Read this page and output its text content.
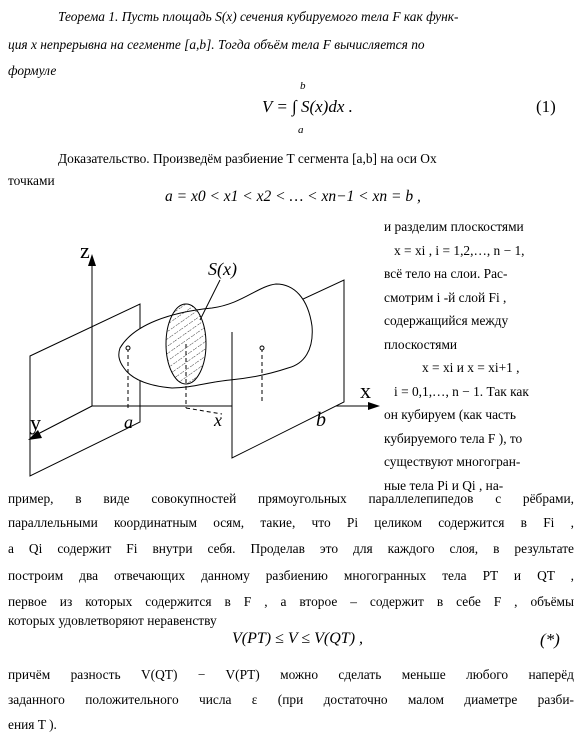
Теорема 1. Пусть площадь S(x) сечения кубируемого тела F как функ-
ция x непрерывна на сегменте [a,b]. Тогда объём тела F вычисляется по
формуле
V = ∫ S(x)dx .
b
a
(1)
Доказательство. Произведём разбиение T сегмента [a,b] на оси Ox
точками
a = x0 < x1 < x2 < … < xn−1 < xn = b ,
и разделим плоскостями
x = xi , i = 1,2,…, n − 1,
всё тело на слои. Рас-
смотрим i -й слой Fi ,
содержащийся между
плоскостями
x = xi и x = xi+1 ,
i = 0,1,…, n − 1. Так как
он кубируем (как часть
кубируемого тела F ), то
существуют многогран-
ные тела Pi и Qi , на-
z
x
y
S(x)
a	x	b
пример, в виде совокупностей прямоугольных параллелепипедов с рёбрами,
параллельными координатным осям, такие, что Pi целиком содержится в Fi ,
а Qi содержит Fi внутри себя. Проделав это для каждого слоя, в результате
построим два отвечающих данному разбиению многогранных тела PT и QT ,
первое из которых содержится в F , а второе – содержит в себе F , объёмы
которых удовлетворяют неравенству
V(PT) ≤ V ≤ V(QT) ,	(*)
причём разность V(QT) − V(PT) можно сделать меньше любого наперёд
заданного положительного числа ε (при достаточно малом диаметре разби-
ения T ).
